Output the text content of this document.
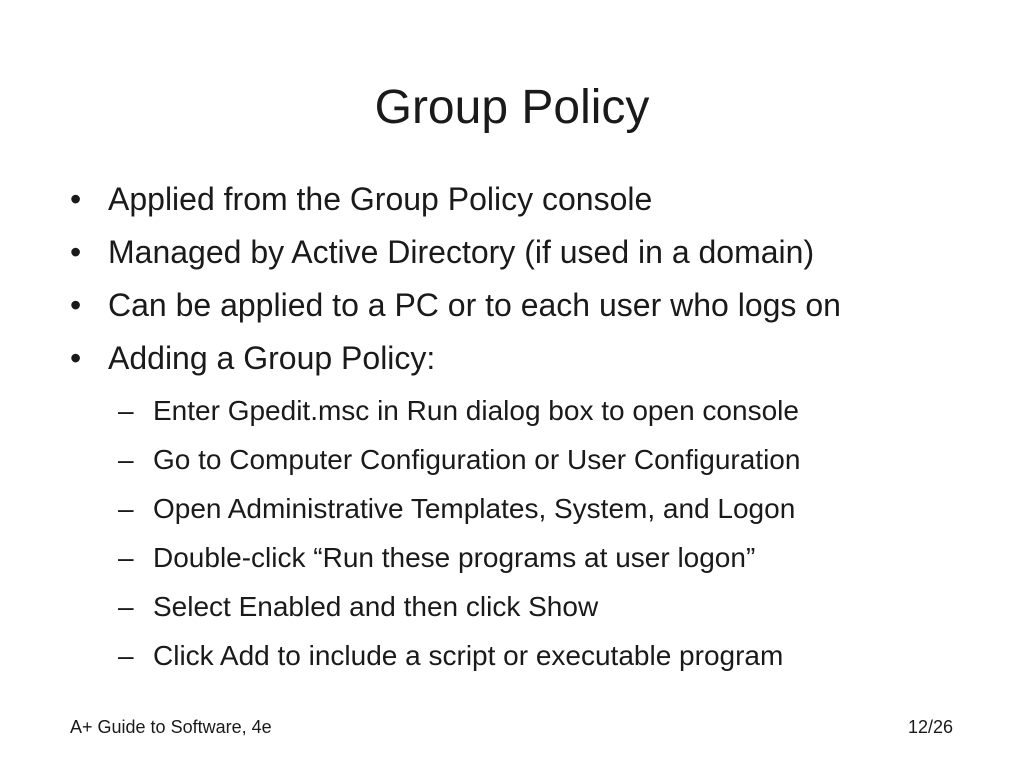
Group Policy
• Applied from the Group Policy console
• Managed by Active Directory (if used in a domain)
• Can be applied to a PC or to each user who logs on
• Adding a Group Policy:
– Enter Gpedit.msc in Run dialog box to open console
– Go to Computer Configuration or User Configuration
– Open Administrative Templates, System, and Logon
– Double-click “Run these programs at user logon”
– Select Enabled and then click Show
– Click Add to include a script or executable program
A+ Guide to Software, 4e	12/26
